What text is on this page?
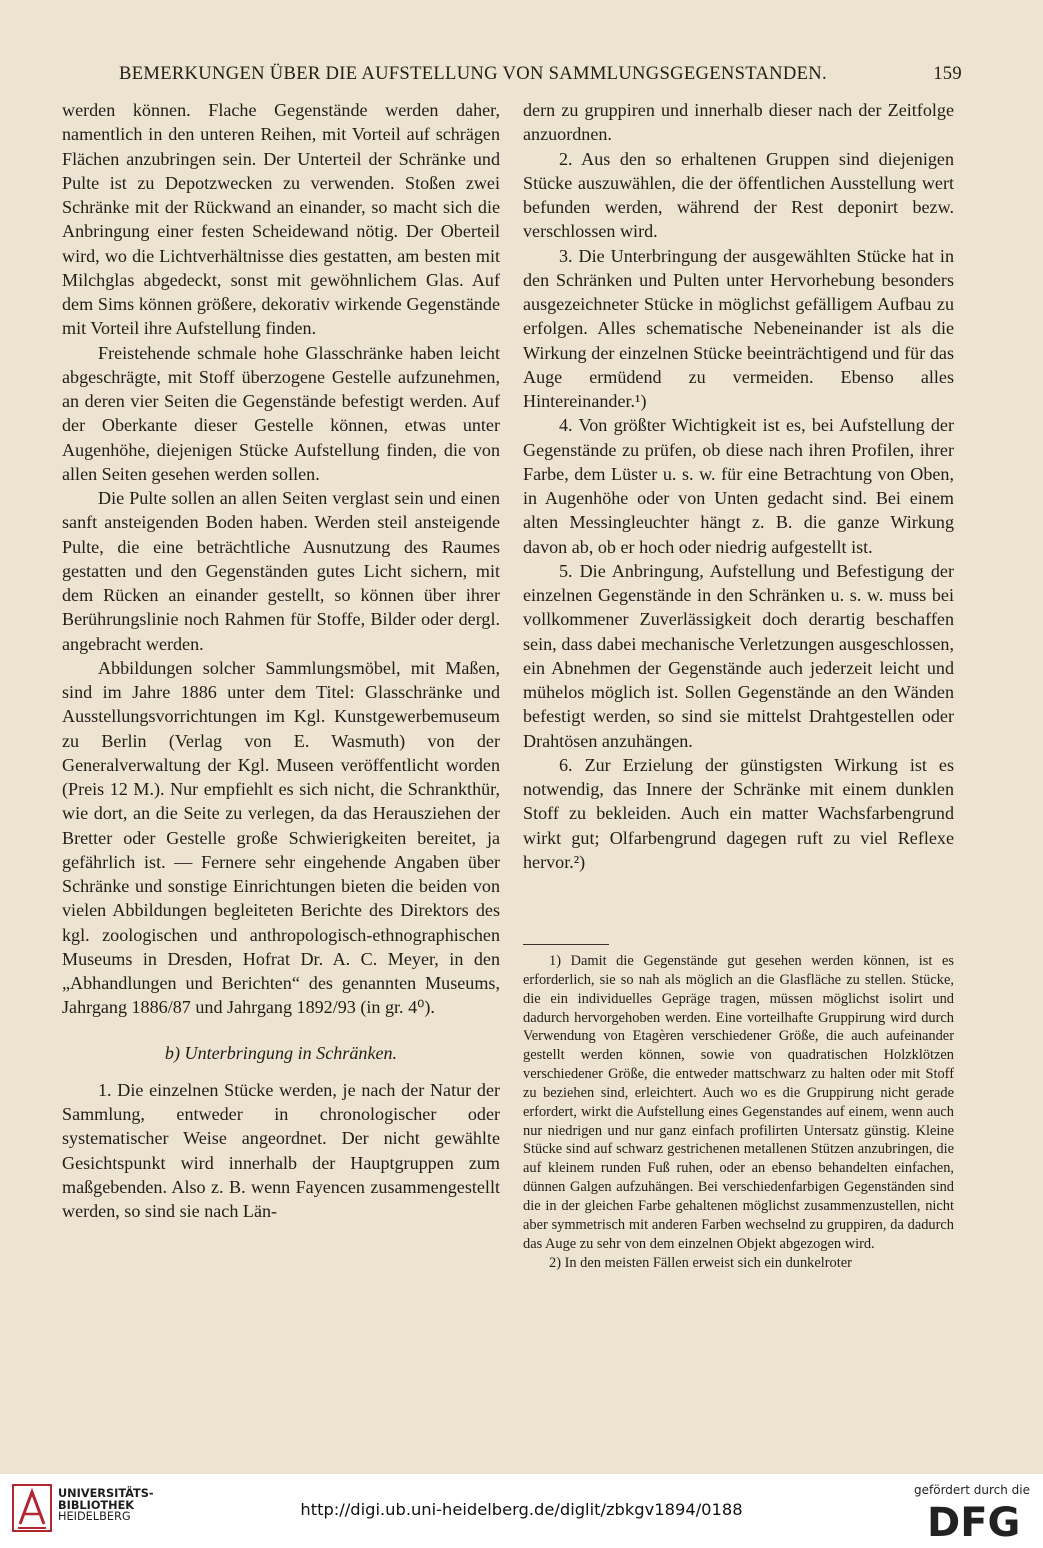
BEMERKUNGEN ÜBER DIE AUFSTELLUNG VON SAMMLUNGSGEGENSTANDEN.	159

werden können. Flache Gegenstände werden daher, namentlich in den unteren Reihen, mit Vorteil auf schrägen Flächen anzubringen sein. Der Unterteil der Schränke und Pulte ist zu Depotzwecken zu verwenden. Stoßen zwei Schränke mit der Rückwand an einander, so macht sich die Anbringung einer festen Scheidewand nötig. Der Oberteil wird, wo die Lichtverhältnisse dies gestatten, am besten mit Milchglas abgedeckt, sonst mit gewöhnlichem Glas. Auf dem Sims können größere, dekorativ wirkende Gegenstände mit Vorteil ihre Aufstellung finden.

Freistehende schmale hohe Glasschränke haben leicht abgeschrägte, mit Stoff überzogene Gestelle aufzunehmen, an deren vier Seiten die Gegenstände befestigt werden. Auf der Oberkante dieser Gestelle können, etwas unter Augenhöhe, diejenigen Stücke Aufstellung finden, die von allen Seiten gesehen werden sollen.

Die Pulte sollen an allen Seiten verglast sein und einen sanft ansteigenden Boden haben. Werden steil ansteigende Pulte, die eine beträchtliche Ausnutzung des Raumes gestatten und den Gegenständen gutes Licht sichern, mit dem Rücken an einander gestellt, so können über ihrer Berührungslinie noch Rahmen für Stoffe, Bilder oder dergl. angebracht werden.

Abbildungen solcher Sammlungsmöbel, mit Maßen, sind im Jahre 1886 unter dem Titel: Glasschränke und Ausstellungsvorrichtungen im Kgl. Kunstgewerbemuseum zu Berlin (Verlag von E. Wasmuth) von der Generalverwaltung der Kgl. Museen veröffentlicht worden (Preis 12 M.). Nur empfiehlt es sich nicht, die Schrankthür, wie dort, an die Seite zu verlegen, da das Herausziehen der Bretter oder Gestelle große Schwierigkeiten bereitet, ja gefährlich ist. — Fernere sehr eingehende Angaben über Schränke und sonstige Einrichtungen bieten die beiden von vielen Abbildungen begleiteten Berichte des Direktors des kgl. zoologischen und anthropologisch-ethnographischen Museums in Dresden, Hofrat Dr. A. C. Meyer, in den „Abhandlungen und Berichten“ des genannten Museums, Jahrgang 1886/87 und Jahrgang 1892/93 (in gr. 4⁰).

b) Unterbringung in Schränken.

1. Die einzelnen Stücke werden, je nach der Natur der Sammlung, entweder in chronologischer oder systematischer Weise angeordnet. Der nicht gewählte Gesichtspunkt wird innerhalb der Hauptgruppen zum maßgebenden. Also z. B. wenn Fayencen zusammengestellt werden, so sind sie nach Län-

dern zu gruppiren und innerhalb dieser nach der Zeitfolge anzuordnen.

2. Aus den so erhaltenen Gruppen sind diejenigen Stücke auszuwählen, die der öffentlichen Ausstellung wert befunden werden, während der Rest deponirt bezw. verschlossen wird.

3. Die Unterbringung der ausgewählten Stücke hat in den Schränken und Pulten unter Hervorhebung besonders ausgezeichneter Stücke in möglichst gefälligem Aufbau zu erfolgen. Alles schematische Nebeneinander ist als die Wirkung der einzelnen Stücke beeinträchtigend und für das Auge ermüdend zu vermeiden. Ebenso alles Hintereinander.¹)

4. Von größter Wichtigkeit ist es, bei Aufstellung der Gegenstände zu prüfen, ob diese nach ihren Profilen, ihrer Farbe, dem Lüster u. s. w. für eine Betrachtung von Oben, in Augenhöhe oder von Unten gedacht sind. Bei einem alten Messingleuchter hängt z. B. die ganze Wirkung davon ab, ob er hoch oder niedrig aufgestellt ist.

5. Die Anbringung, Aufstellung und Befestigung der einzelnen Gegenstände in den Schränken u. s. w. muss bei vollkommener Zuverlässigkeit doch derartig beschaffen sein, dass dabei mechanische Verletzungen ausgeschlossen, ein Abnehmen der Gegenstände auch jederzeit leicht und mühelos möglich ist. Sollen Gegenstände an den Wänden befestigt werden, so sind sie mittelst Drahtgestellen oder Drahtösen anzuhängen.

6. Zur Erzielung der günstigsten Wirkung ist es notwendig, das Innere der Schränke mit einem dunklen Stoff zu bekleiden. Auch ein matter Wachsfarbengrund wirkt gut; Olfarbengrund dagegen ruft zu viel Reflexe hervor.²)

1) Damit die Gegenstände gut gesehen werden können, ist es erforderlich, sie so nah als möglich an die Glasfläche zu stellen. Stücke, die ein individuelles Gepräge tragen, müssen möglichst isolirt und dadurch hervorgehoben werden. Eine vorteilhafte Gruppirung wird durch Verwendung von Etagèren verschiedener Größe, die auch aufeinander gestellt werden können, sowie von quadratischen Holzklötzen verschiedener Größe, die entweder mattschwarz zu halten oder mit Stoff zu beziehen sind, erleichtert. Auch wo es die Gruppirung nicht gerade erfordert, wirkt die Aufstellung eines Gegenstandes auf einem, wenn auch nur niedrigen und nur ganz einfach profilirten Untersatz günstig. Kleine Stücke sind auf schwarz gestrichenen metallenen Stützen anzubringen, die auf kleinem runden Fuß ruhen, oder an ebenso behandelten einfachen, dünnen Galgen aufzuhängen. Bei verschiedenfarbigen Gegenständen sind die in der gleichen Farbe gehaltenen möglichst zusammenzustellen, nicht aber symmetrisch mit anderen Farben wechselnd zu gruppiren, da dadurch das Auge zu sehr von dem einzelnen Objekt abgezogen wird.

2) In den meisten Fällen erweist sich ein dunkelroter

UNIVERSITÄTS-
BIBLIOTHEK
HEIDELBERG	http://digi.ub.uni-heidelberg.de/diglit/zbkgv1894/0188
gefördert durch die
DFG
